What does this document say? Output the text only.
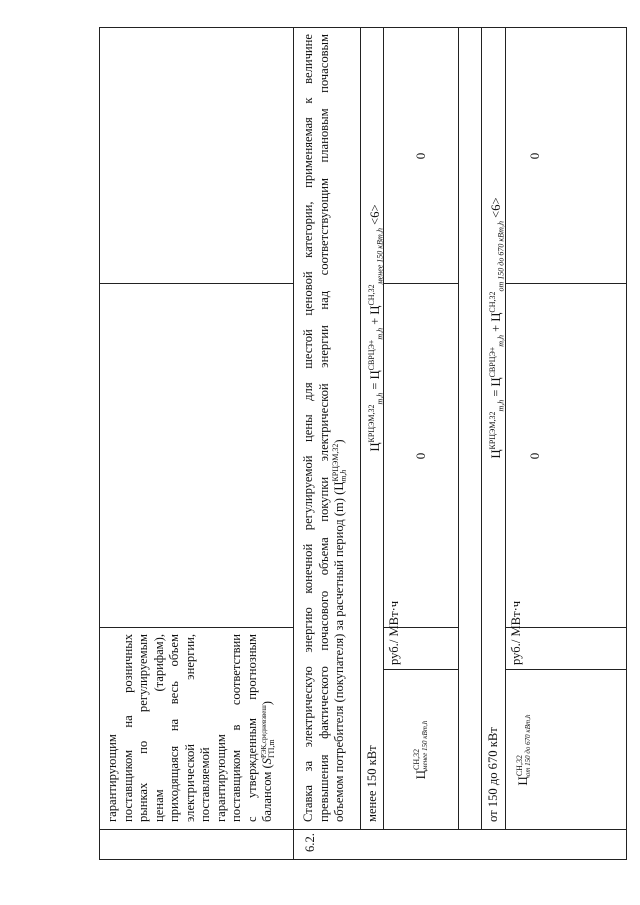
гарантирующим поставщиком на розничных рынках по регулируемым ценам (тарифам), приходящаяся на весь объем электрической энергии, поставляемой гарантирующим поставщиком в соответствии с утвержденным прогнозным балансом (S
РЭК,средневзвеш ГП,m
)
6.2.
Ставка за электрическую энергию конечной регулируемой цены для шестой ценовой категории, применяемая к величине превышения фактического почасового объема покупки электрической энергии над соответствующим плановым почасовым объемом потребителя (покупателя) за расчетный период (m) (Ц
КРЦЭМ,32 m,h
)
менее 150 кВт
$Ц^{КРЦЭМ,32}_{m,h} = Ц^{СВРЦЭ+}_{m,h} + Ц^{СН,32}_{менее 150 кВт,h} <6>$
Ц
СН,32 менее 150 кВт,h
руб./ МВт·ч
0
0
от 150 до 670 кВт
$Ц^{КРЦЭМ,32}_{m,h} = Ц^{СВРЦЭ+}_{m,h} + Ц^{СН,32}_{от 150 до 670 кВт,h} <6>$
Ц
СН,32 от 150 до 670 кВт,h
руб./ МВт·ч
0
0
